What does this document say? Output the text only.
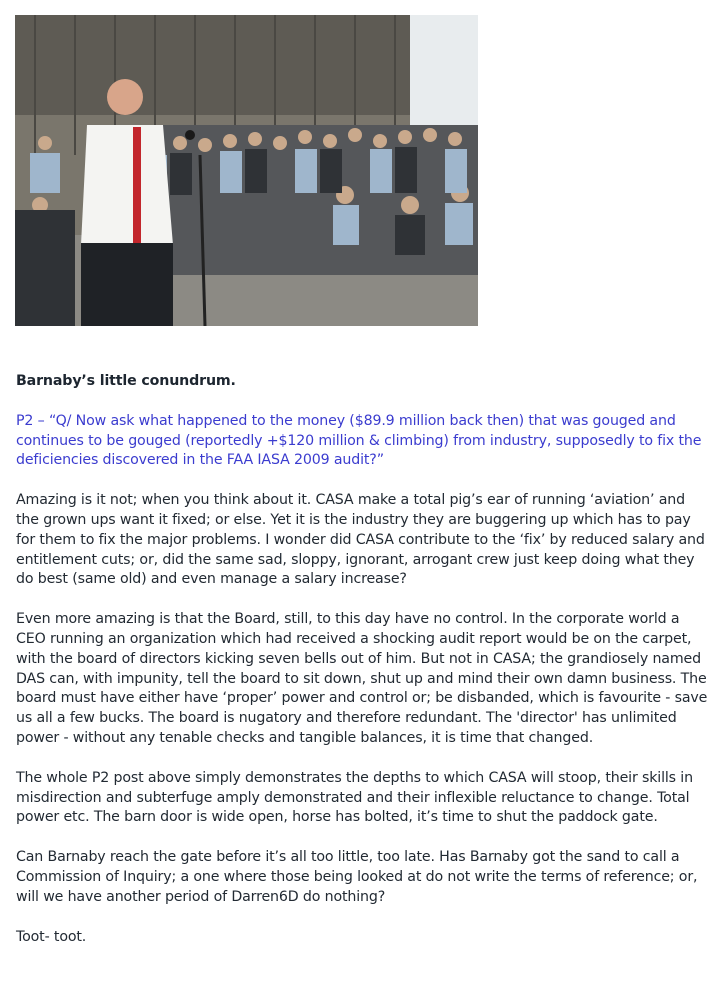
Barnaby’s little conundrum.

P2 – “Q/ Now ask what happened to the money ($89.9 million back then) that was gouged and continues to be gouged (reportedly +$120 million & climbing) from industry, supposedly to fix the deficiencies discovered in the FAA IASA 2009 audit?”

Amazing is it not; when you think about it. CASA make a total pig’s ear of running ‘aviation’ and the grown ups want it fixed; or else. Yet it is the industry they are buggering up which has to pay for them to fix the major problems. I wonder did CASA contribute to the ‘fix’ by reduced salary and entitlement cuts; or, did the same sad, sloppy, ignorant, arrogant crew just keep doing what they do best (same old) and even manage a salary increase?

Even more amazing is that the Board, still, to this day have no control. In the corporate world a CEO running an organization which had received a shocking audit report would be on the carpet, with the board of directors kicking seven bells out of him. But not in CASA; the grandiosely named DAS can, with impunity, tell the board to sit down, shut up and mind their own damn business. The board must have either have ‘proper’ power and control or; be disbanded, which is favourite - save us all a few bucks. The board is nugatory and therefore redundant. The 'director' has unlimited power - without any tenable checks and tangible balances, it is time that changed.

The whole P2 post above simply demonstrates the depths to which CASA will stoop, their skills in misdirection and subterfuge amply demonstrated and their inflexible reluctance to change. Total power etc. The barn door is wide open, horse has bolted, it’s time to shut the paddock gate.

Can Barnaby reach the gate before it’s all too little, too late. Has Barnaby got the sand to call a Commission of Inquiry; a one where those being looked at do not write the terms of reference; or, will we have another period of Darren6D do nothing?

Toot- toot.
